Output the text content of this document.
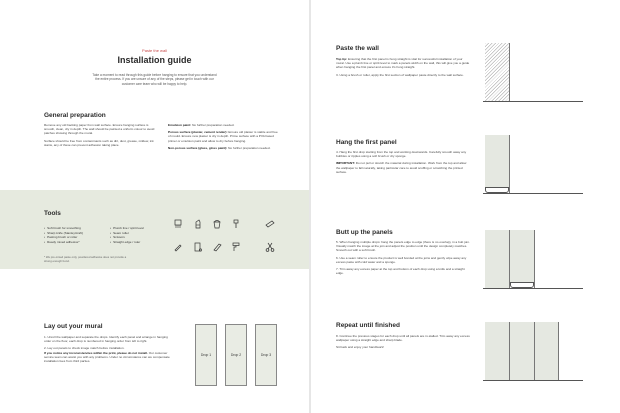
Paste the wall
Installation guide
Take a moment to read through this guide before hanging to ensure that you understand the entire process. If you are unsure of any of the steps, please get in touch with our customer care team who will be happy to help.
General preparation
Remove any old backing paper from wall surface. Ensure hanging surface is smooth, clean, dry in depth. The wall should be painted a uniform colour to avoid patches showing through the mural.
Surface should be free from contaminants such as dirt, dust, grease, mildew, ink stains, any of these can prevent adhesion taking place.
Emulsion paint: No further preparation needed.
Porous surface (plaster, cement render): Ensure old plaster is stable and free of mould. Ensure new plaster is dry in depth. Prime surface with a PVA based primer or emulsion paint and allow to dry before hanging.
Non-porous surface (glass, gloss paint): No further preparation needed.
Tools
• Soft brush for smoothing
• Sharp knife (Stanley/craft)
• Pasting brush or roller
• Ready mixed adhesive*
• Plumb line / spirit level
• Seam roller
• Scissors
• Straight edge / ruler
* We pre-mixed paste only, powdered adhesive does not provide a strong enough bond.
Lay out your mural
1. Unroll the wallpaper and separate the drops. Identify each panel and arrange in hanging order on the floor, each drop is numbered in hanging order from left to right.
2. Lay out panels to check image match before installation.
If you notice any inconsistencies within the print, please do not install. Our customer service team can assist you with any problems. Under no circumstance can we compensate installation fees from third parties.
Drop 1	Drop 2	Drop 3
Paste the wall
Top tip: Ensuring that the first panel is hung straight is vital for successful installation of your mural. Use a plumb line or spirit level to mark a panels width on the wall, this will give you a guide when hanging the first panel and ensure it's hung straight.
3. Using a brush or roller, apply the first section of wallpaper paste directly to the wall surface.
Hang the first panel
4. Hang the first drop starting from the top and working downwards. Carefully smooth away any bubbles or ripples using a soft brush or dry sponge.
IMPORTANT: Do not pull or stretch the material during installation. Work from the top and allow the wallpaper to fall naturally, taking particular care to avoid scuffing or scratching the printed surface.
Butt up the panels
5. When hanging multiple drops: hang the panels edge to edge (there is no overlap), in a butt join. Visually match the image at the join and adjust the position until the design completely matches. Smooth out with a soft brush.
6. Use a seam roller to ensure the product is well bonded at the joins and gently wipe away any excess paste with cold water and a sponge.
7. Trim away any excess paper at the top and bottom of each drop using a knife and a straight edge.
Repeat until finished
8. Continue the previous stages for each drop until all panels are in-stalled. Trim away any excess wallpaper using a straight edge and sharp blade.
Sit back and enjoy your handiwork!
